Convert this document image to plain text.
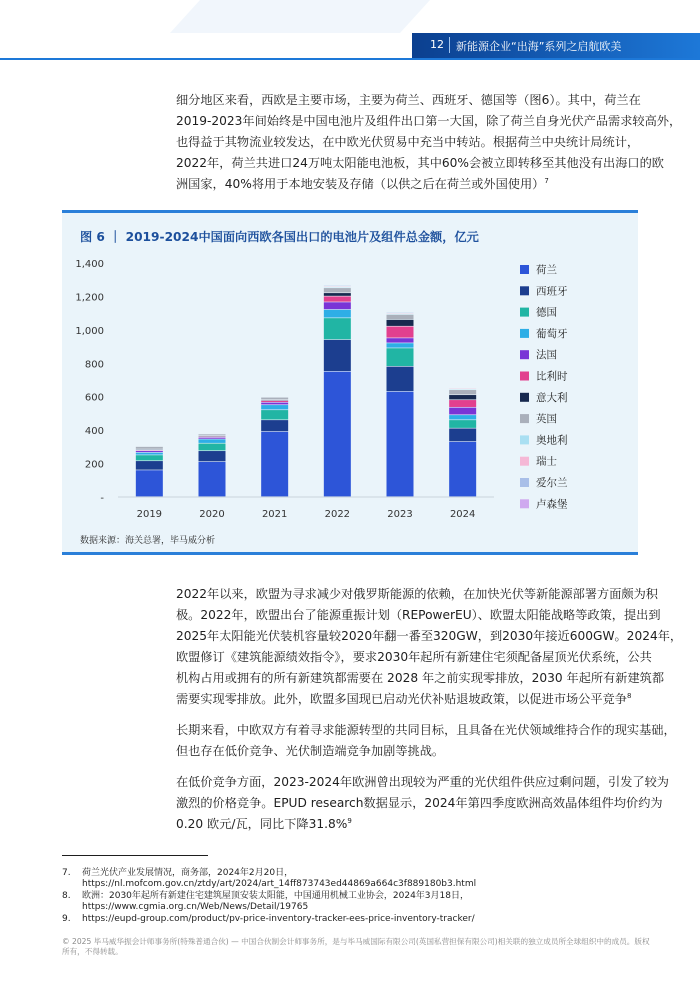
12 新能源企业“出海”系列之启航欧美
细分地区来看，西欧是主要市场，主要为荷兰、西班牙、德国等（图6）。其中，荷兰在
2019-2023年间始终是中国电池片及组件出口第一大国，除了荷兰自身光伏产品需求较高外，
也得益于其物流业较发达，在中欧光伏贸易中充当中转站。根据荷兰中央统计局统计，
2022年，荷兰共进口24万吨太阳能电池板，其中60%会被立即转移至其他没有出海口的欧
洲国家，40%将用于本地安装及存储（以供之后在荷兰或外国使用）$^7$
图 6 ｜ 2019-2024中国面向西欧各国出口的电池片及组件总金额，亿元
-
200
400
600
800
1,000
1,200
1,400
2019	2020	2021	2022	2023	2024
荷兰
西班牙
德国
葡萄牙
法国
比利时
意大利
英国
奥地利
瑞士
爱尔兰
卢森堡
数据来源：海关总署，毕马威分析
2022年以来，欧盟为寻求减少对俄罗斯能源的依赖，在加快光伏等新能源部署方面颇为积
极。2022年，欧盟出台了能源重振计划（REPowerEU）、欧盟太阳能战略等政策，提出到
2025年太阳能光伏装机容量较2020年翻一番至320GW，到2030年接近600GW。2024年，
欧盟修订《建筑能源绩效指令》，要求2030年起所有新建住宅须配备屋顶光伏系统，公共
机构占用或拥有的所有新建筑都需要在 2028 年之前实现零排放，2030 年起所有新建筑都
需要实现零排放。此外，欧盟多国现已启动光伏补贴退坡政策，以促进市场公平竞争$^8$
长期来看，中欧双方有着寻求能源转型的共同目标，且具备在光伏领域维持合作的现实基础，
但也存在低价竞争、光伏制造端竞争加剧等挑战。
在低价竞争方面，2023-2024年欧洲曾出现较为严重的光伏组件供应过剩问题，引发了较为
激烈的价格竞争。EPUD research数据显示，2024年第四季度欧洲高效晶体组件均价约为
0.20 欧元/瓦，同比下降31.8%$^9$
7. 荷兰光伏产业发展情况，商务部，2024年2月20日，
https://nl.mofcom.gov.cn/ztdy/art/2024/art_14ff873743ed44869a664c3f889180b3.html
8. 欧洲：2030年起所有新建住宅建筑屋顶安装太阳能，中国通用机械工业协会，2024年3月18日，
https://www.cgmia.org.cn/Web/News/Detail/19765
9. https://eupd-group.com/product/pv-price-inventory-tracker-ees-price-inventory-tracker/
© 2025 毕马威华振会计师事务所(特殊普通合伙) — 中国合伙制会计师事务所，是与毕马威国际有限公司(英国私营担保有限公司)相关联的独立成员所全球组织中的成员。版权所有，不得转载。
